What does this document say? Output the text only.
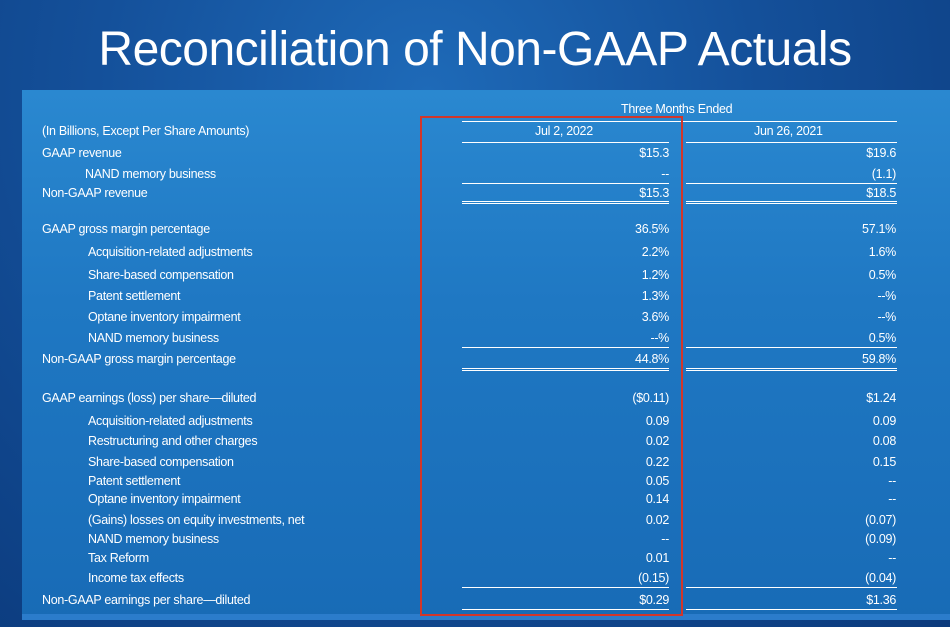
Reconciliation of Non-GAAP Actuals
Three Months Ended
(In Billions, Except Per Share Amounts)	Jul 2, 2022	Jun 26, 2021
GAAP revenue	$15.3	$19.6
NAND memory business	--	(1.1)
Non-GAAP revenue	$15.3	$18.5
GAAP gross margin percentage	36.5%	57.1%
Acquisition-related adjustments	2.2%	1.6%
Share-based compensation	1.2%	0.5%
Patent settlement	1.3%	--%
Optane inventory impairment	3.6%	--%
NAND memory business	--%	0.5%
Non-GAAP gross margin percentage	44.8%	59.8%
GAAP earnings (loss) per share—diluted	($0.11)	$1.24
Acquisition-related adjustments	0.09	0.09
Restructuring and other charges	0.02	0.08
Share-based compensation	0.22	0.15
Patent settlement	0.05	--
Optane inventory impairment	0.14	--
(Gains) losses on equity investments, net	0.02	(0.07)
NAND memory business	--	(0.09)
Tax Reform	0.01	--
Income tax effects	(0.15)	(0.04)
Non-GAAP earnings per share—diluted	$0.29	$1.36
